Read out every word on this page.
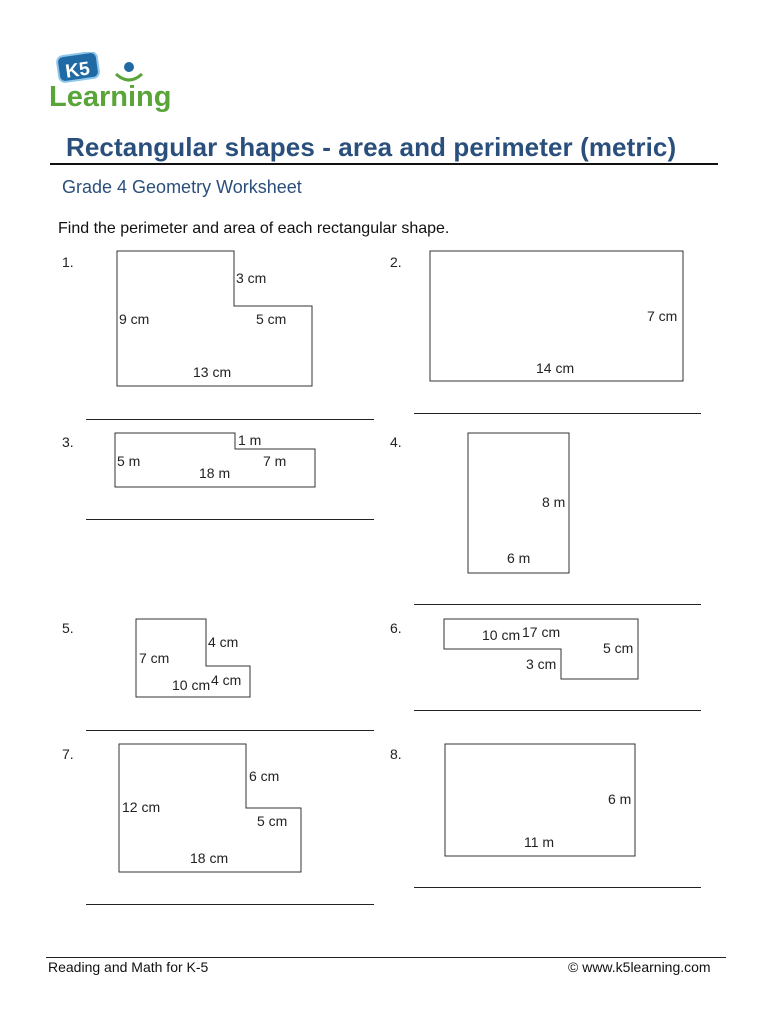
K5
Learning
Rectangular shapes - area and perimeter (metric)
Grade 4 Geometry Worksheet
Find the perimeter and area of each rectangular shape.
1.	2.
3.	4.
5.	6.
7.	8.
3 cm
9 cm	5 cm
13 cm
7 cm
14 cm
1 m
5 m	7 m
18 m
8 m
6 m
4 cm
7 cm
4 cm
10 cm
10 cm 17 cm
5 cm
3 cm
6 cm
12 cm
5 cm
18 cm
6 m
11 m
Reading and Math for K-5	© www.k5learning.com
